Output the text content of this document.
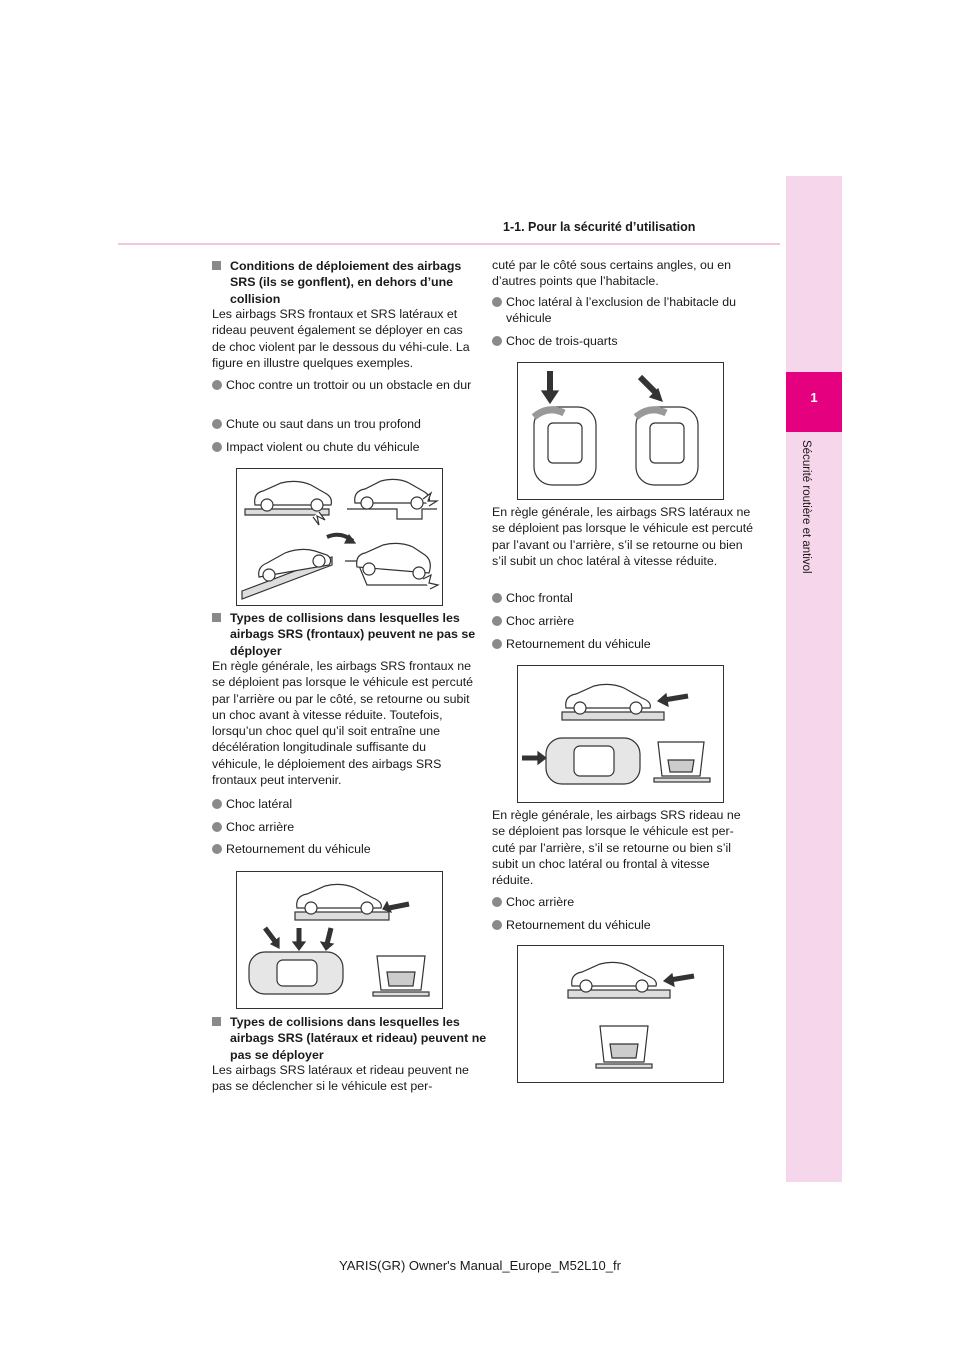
1-1. Pour la sécurité d’utilisation
1
Sécurité routière et antivol
Conditions de déploiement des airbags SRS (ils se gonflent), en dehors d’une collision
Les airbags SRS frontaux et SRS latéraux et rideau peuvent également se déployer en cas de choc violent par le dessous du véhi-cule. La figure en illustre quelques exemples.
Choc contre un trottoir ou un obstacle en dur
Chute ou saut dans un trou profond
Impact violent ou chute du véhicule
Types de collisions dans lesquelles les airbags SRS (frontaux) peuvent ne pas se déployer
En règle générale, les airbags SRS frontaux ne se déploient pas lorsque le véhicule est percuté par l’arrière ou par le côté, se retourne ou subit un choc avant à vitesse réduite. Toutefois, lorsqu’un choc quel qu’il soit entraîne une décélération longitudinale suffisante du véhicule, le déploiement des airbags SRS frontaux peut intervenir.
Choc latéral
Choc arrière
Retournement du véhicule
Types de collisions dans lesquelles les airbags SRS (latéraux et rideau) peuvent ne pas se déployer
Les airbags SRS latéraux et rideau peuvent ne pas se déclencher si le véhicule est per-
cuté par le côté sous certains angles, ou en d’autres points que l’habitacle.
Choc latéral à l’exclusion de l’habitacle du véhicule
Choc de trois-quarts
En règle générale, les airbags SRS latéraux ne se déploient pas lorsque le véhicule est percuté par l’avant ou l’arrière, s’il se retourne ou bien s’il subit un choc latéral à vitesse réduite.
Choc frontal
Choc arrière
Retournement du véhicule
En règle générale, les airbags SRS rideau ne se déploient pas lorsque le véhicule est per-cuté par l’arrière, s’il se retourne ou bien s’il subit un choc latéral ou frontal à vitesse réduite.
Choc arrière
Retournement du véhicule
YARIS(GR) Owner's Manual_Europe_M52L10_fr
